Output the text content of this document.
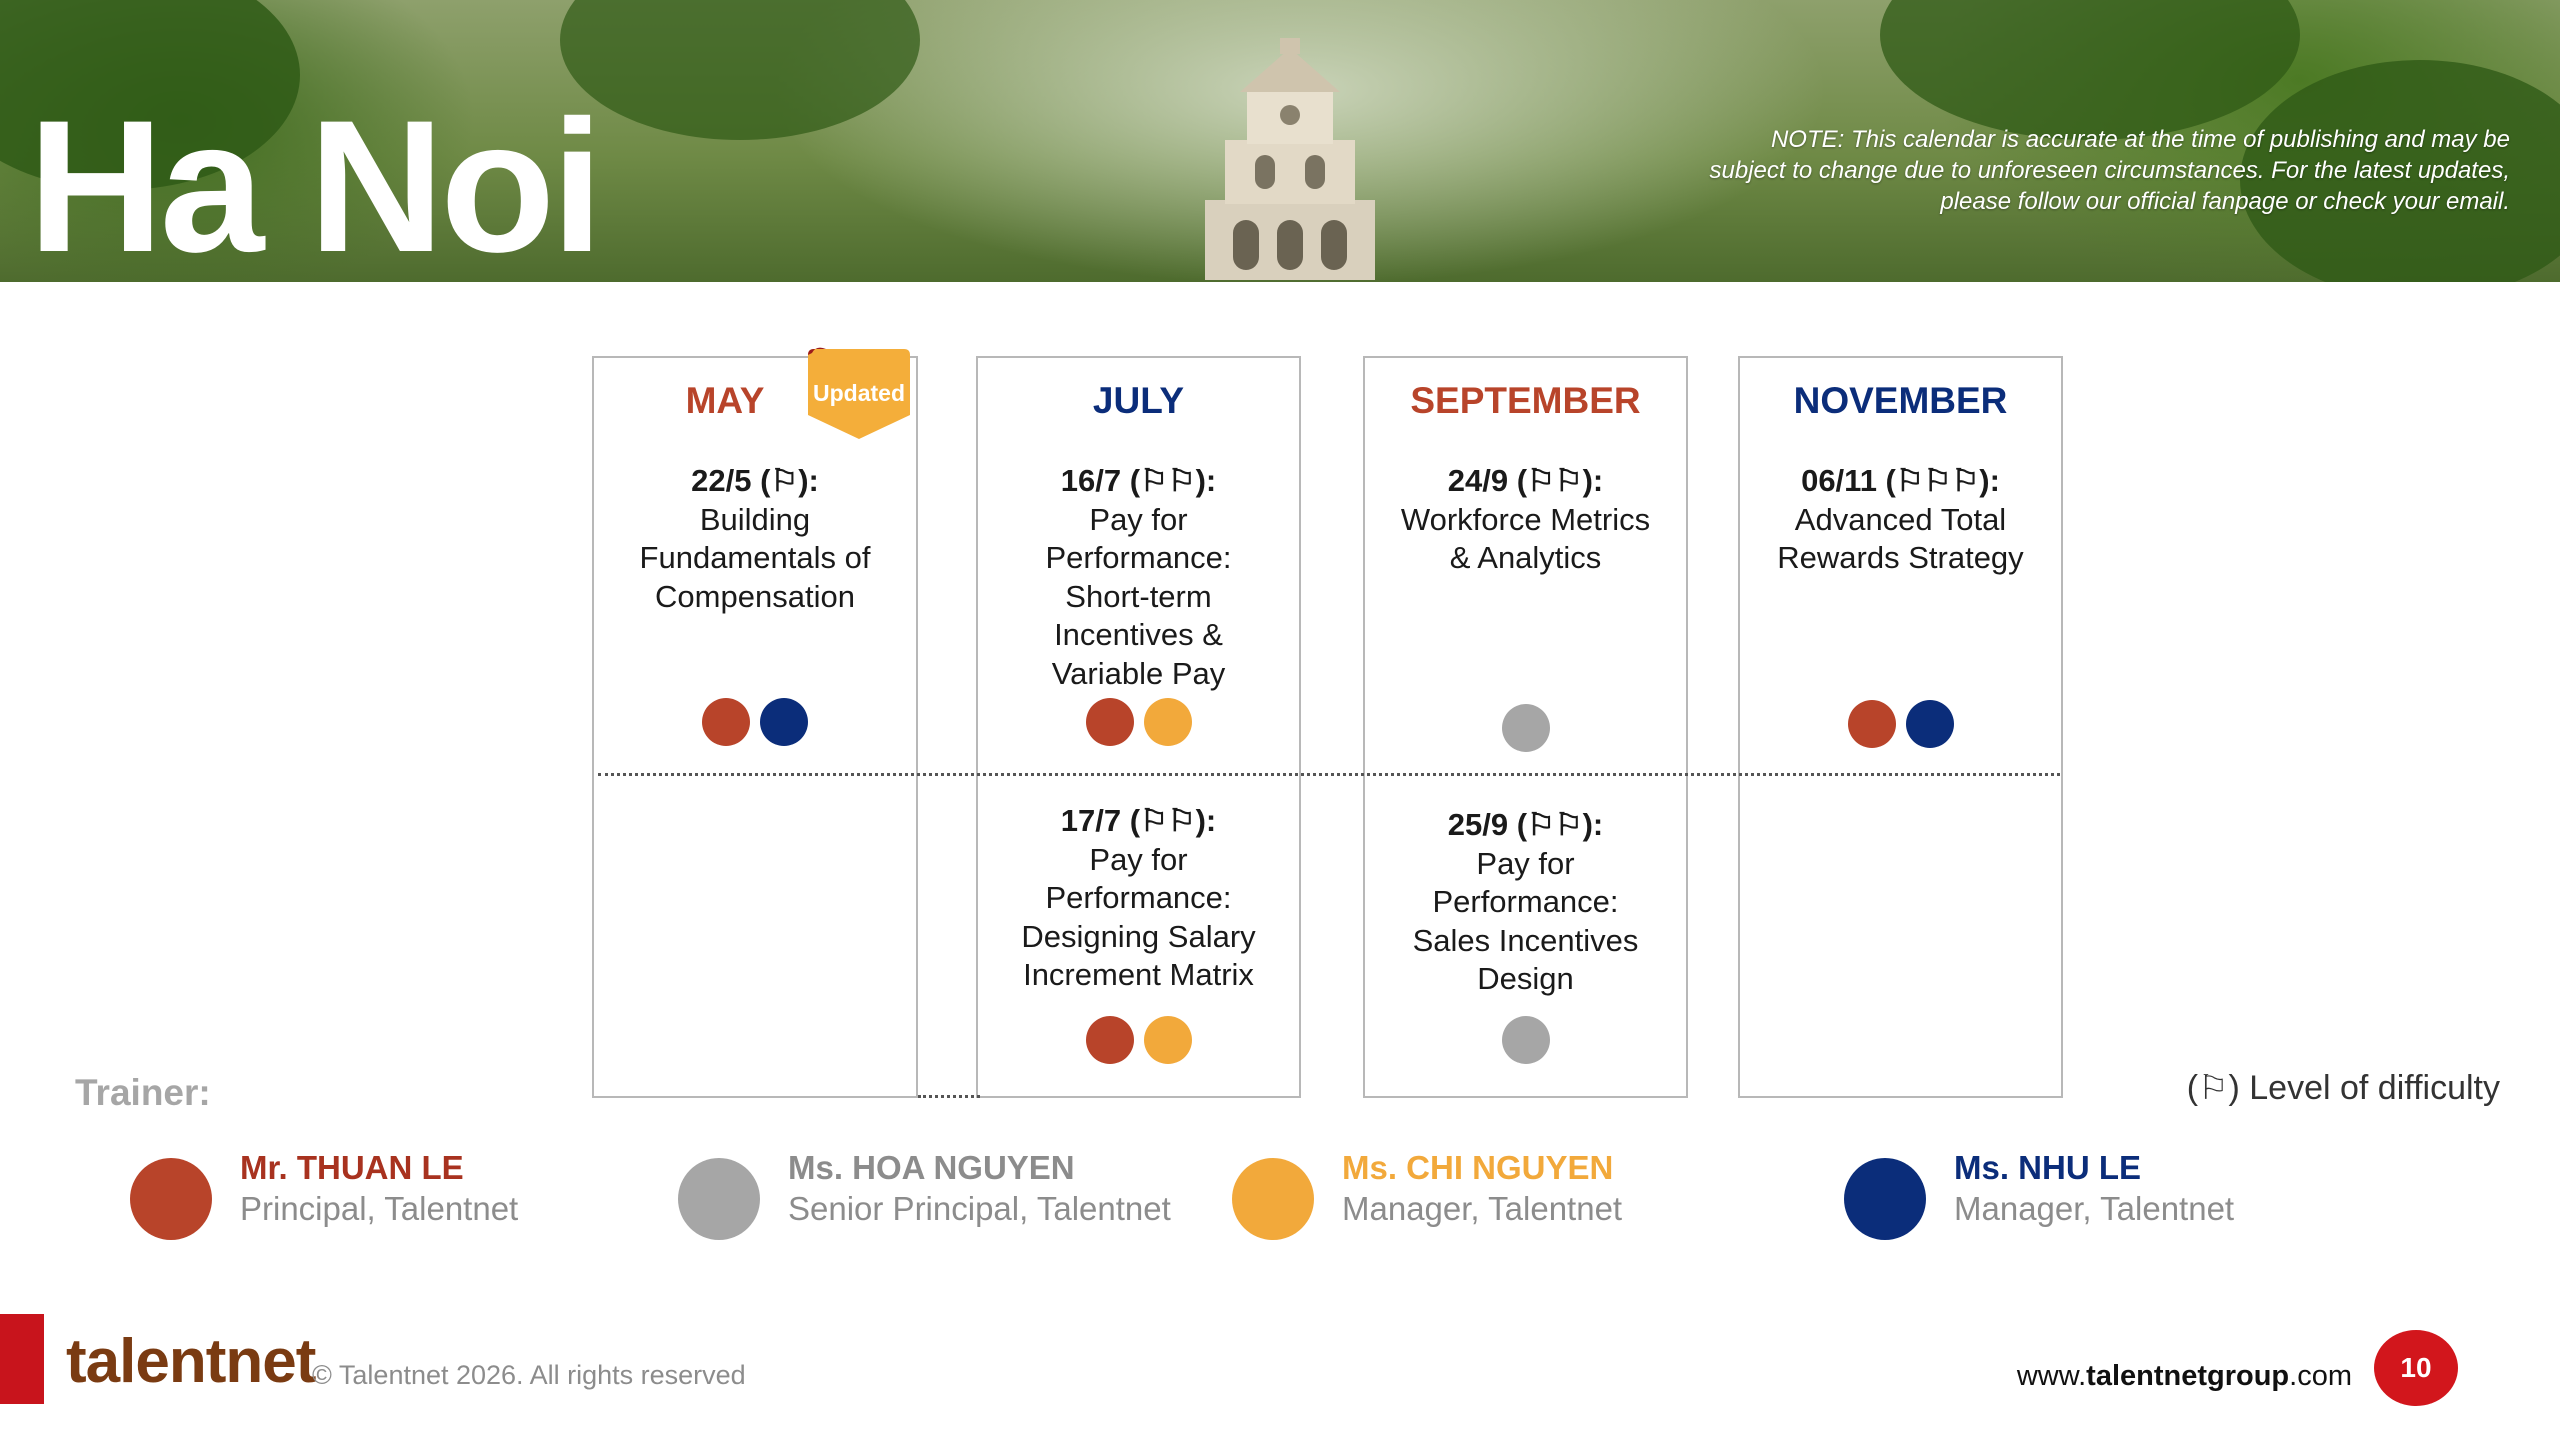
Ha Noi	NOTE: This calendar is accurate at the time of publishing and may be subject to change due to unforeseen circumstances. For the latest updates, please follow our official fanpage or check your email.
MAY
22/5 (⚐):
Building
Fundamentals of
Compensation
JULY
16/7 (⚐⚐):
Pay for
Performance:
Short-term
Incentives &
Variable Pay
17/7 (⚐⚐):
Pay for
Performance:
Designing Salary
Increment Matrix
SEPTEMBER
24/9 (⚐⚐):
Workforce Metrics
& Analytics
25/9 (⚐⚐):
Pay for
Performance:
Sales Incentives
Design
NOVEMBER
06/11 (⚐⚐⚐):
Advanced Total
Rewards Strategy
Updated
Trainer:	(⚐) Level of difficulty
Mr. THUAN LE
Principal, Talentnet
Ms. HOA NGUYEN
Senior Principal, Talentnet
Ms. CHI NGUYEN
Manager, Talentnet
Ms. NHU LE
Manager, Talentnet
talentnet
© Talentnet 2026. All rights reserved	www.talentnetgroup.com	10
